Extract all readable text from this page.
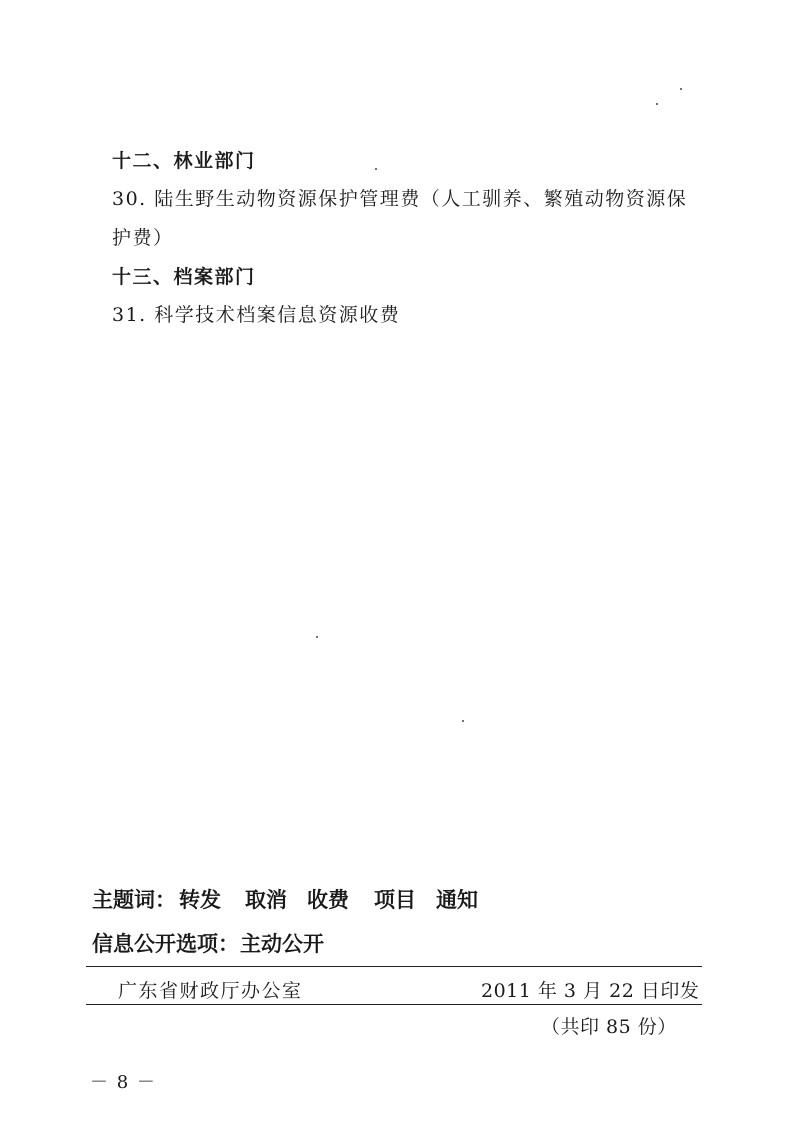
十二、林业部门
30. 陆生野生动物资源保护管理费（人工驯养、繁殖动物资源保
护费）
十三、档案部门
31. 科学技术档案信息资源收费
主题词： 转发 取消 收费 项目 通知
信息公开选项： 主动公开
广东省财政厅办公室	2011 年 3 月 22 日印发
（共印 85 份）
－ 8 －
